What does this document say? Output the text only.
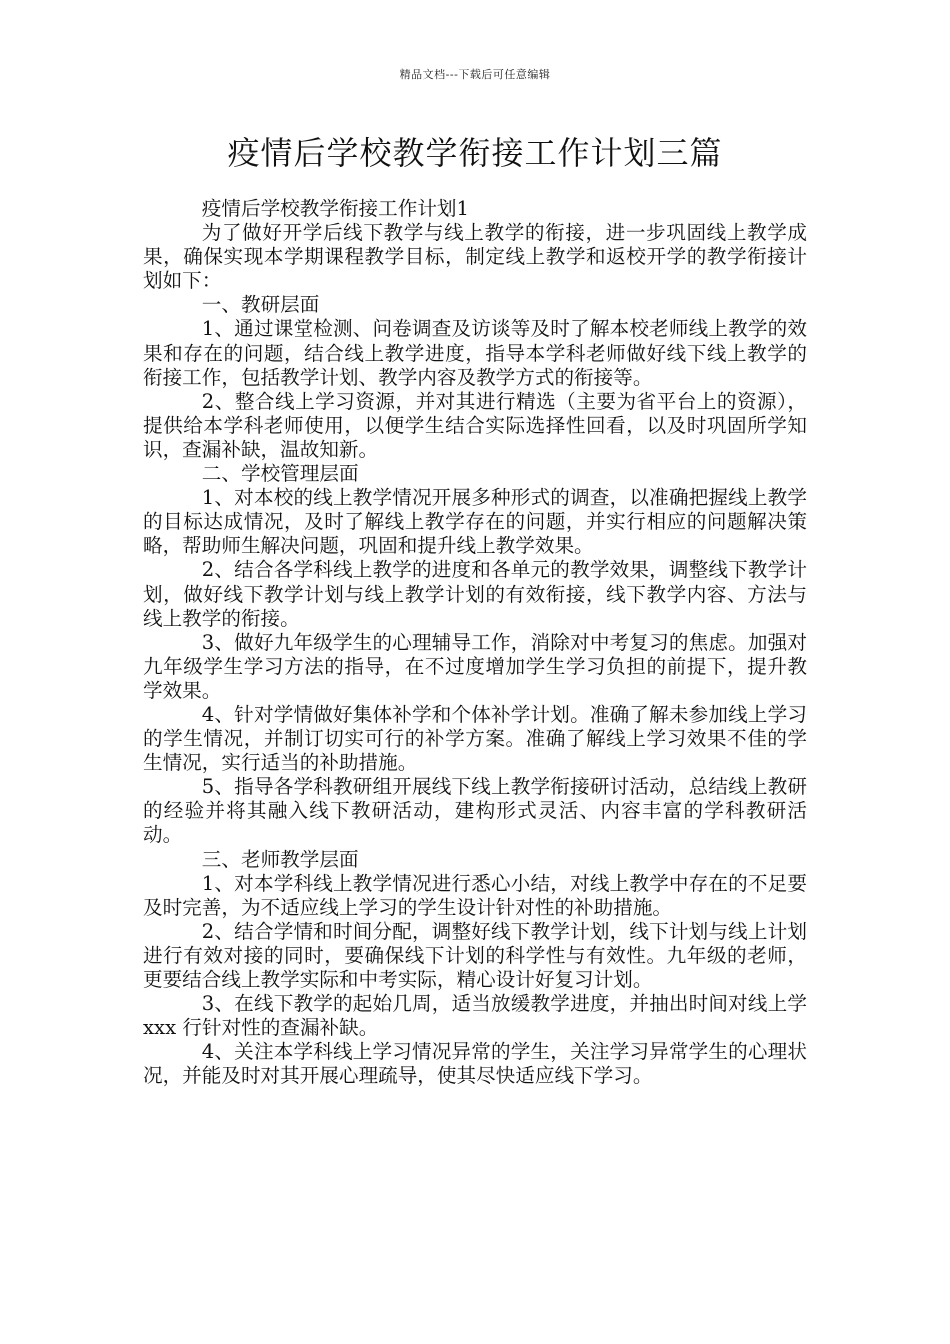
精品文档---下载后可任意编辑
疫情后学校教学衔接工作计划三篇

疫情后学校教学衔接工作计划1

为了做好开学后线下教学与线上教学的衔接，进一步巩固线上教学成果，确保实现本学期课程教学目标，制定线上教学和返校开学的教学衔接计划如下：

一、教研层面

1、通过课堂检测、问卷调查及访谈等及时了解本校老师线上教学的效果和存在的问题，结合线上教学进度，指导本学科老师做好线下线上教学的衔接工作，包括教学计划、教学内容及教学方式的衔接等。

2、整合线上学习资源，并对其进行精选（主要为省平台上的资源），提供给本学科老师使用，以便学生结合实际选择性回看，以及时巩固所学知识，查漏补缺，温故知新。

二、学校管理层面

1、对本校的线上教学情况开展多种形式的调查，以准确把握线上教学的目标达成情况，及时了解线上教学存在的问题，并实行相应的问题解决策略，帮助师生解决问题，巩固和提升线上教学效果。

2、结合各学科线上教学的进度和各单元的教学效果，调整线下教学计划，做好线下教学计划与线上教学计划的有效衔接，线下教学内容、方法与线上教学的衔接。

3、做好九年级学生的心理辅导工作，消除对中考复习的焦虑。加强对九年级学生学习方法的指导，在不过度增加学生学习负担的前提下，提升教学效果。

4、针对学情做好集体补学和个体补学计划。准确了解未参加线上学习的学生情况，并制订切实可行的补学方案。准确了解线上学习效果不佳的学生情况，实行适当的补助措施。

5、指导各学科教研组开展线下线上教学衔接研讨活动，总结线上教研的经验并将其融入线下教研活动，建构形式灵活、内容丰富的学科教研活动。

三、老师教学层面

1、对本学科线上教学情况进行悉心小结，对线上教学中存在的不足要及时完善，为不适应线上学习的学生设计针对性的补助措施。

2、结合学情和时间分配，调整好线下教学计划，线下计划与线上计划进行有效对接的同时，要确保线下计划的科学性与有效性。九年级的老师，更要结合线上教学实际和中考实际，精心设计好复习计划。

3、在线下教学的起始几周，适当放缓教学进度，并抽出时间对线上学 xxx 行针对性的查漏补缺。

4、关注本学科线上学习情况异常的学生，关注学习异常学生的心理状况，并能及时对其开展心理疏导，使其尽快适应线下学习。
